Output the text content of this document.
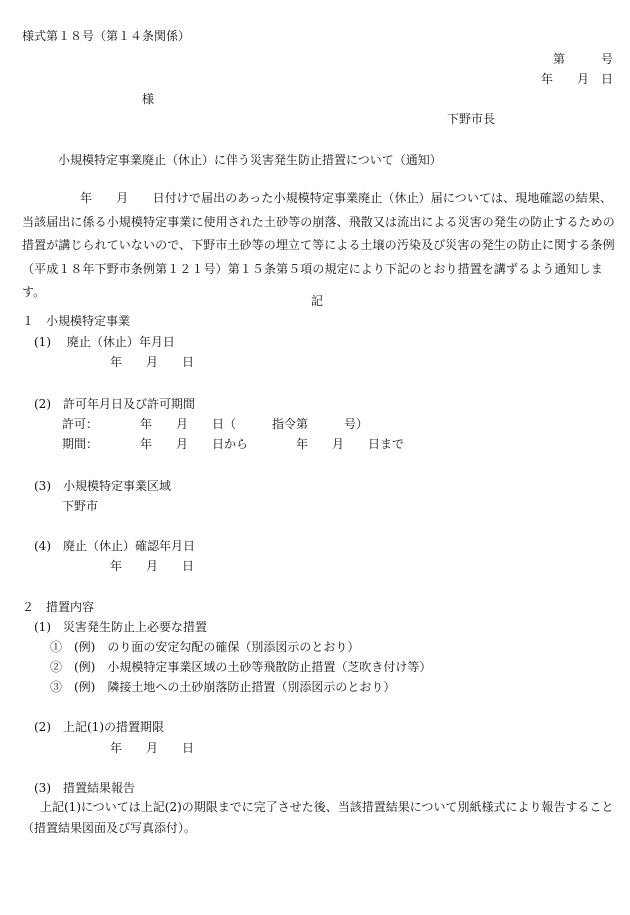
様式第１８号（第１４条関係）
第　　　号
年　　月　日
様
下野市長
小規模特定事業廃止（休止）に伴う災害発生防止措置について（通知）
年　　月　　日付けで届出のあった小規模特定事業廃止（休止）届については、現地確認の結果、当該届出に係る小規模特定事業に使用された土砂等の崩落、飛散又は流出による災害の発生の防止するための措置が講じられていないので、下野市土砂等の埋立て等による土壌の汚染及び災害の発生の防止に関する条例（平成１８年下野市条例第１２１号）第１５条第５項の規定により下記のとおり措置を講ずるよう通知します。
記
１　小規模特定事業
(1)　 廃止（休止）年月日
年　　月　　日
(2)　許可年月日及び許可期間
許可：　　　　年　　月　　日（　　　指令第　　　号）
期間：　　　　年　　月　　日から　　　　年　　月　　日まで
(3)　小規模特定事業区域
下野市
(4)　廃止（休止）確認年月日
年　　月　　日
２　措置内容
(1)　災害発生防止上必要な措置
①　(例)　のり面の安定勾配の確保（別添図示のとおり）
②　(例)　小規模特定事業区域の土砂等飛散防止措置（芝吹き付け等）
③　(例)　隣接土地への土砂崩落防止措置（別添図示のとおり）
(2)　上記(1)の措置期限
年　　月　　日
(3)　措置結果報告
上記(1)については上記(2)の期限までに完了させた後、当該措置結果について別紙様式により報告すること（措置結果図面及び写真添付）。
